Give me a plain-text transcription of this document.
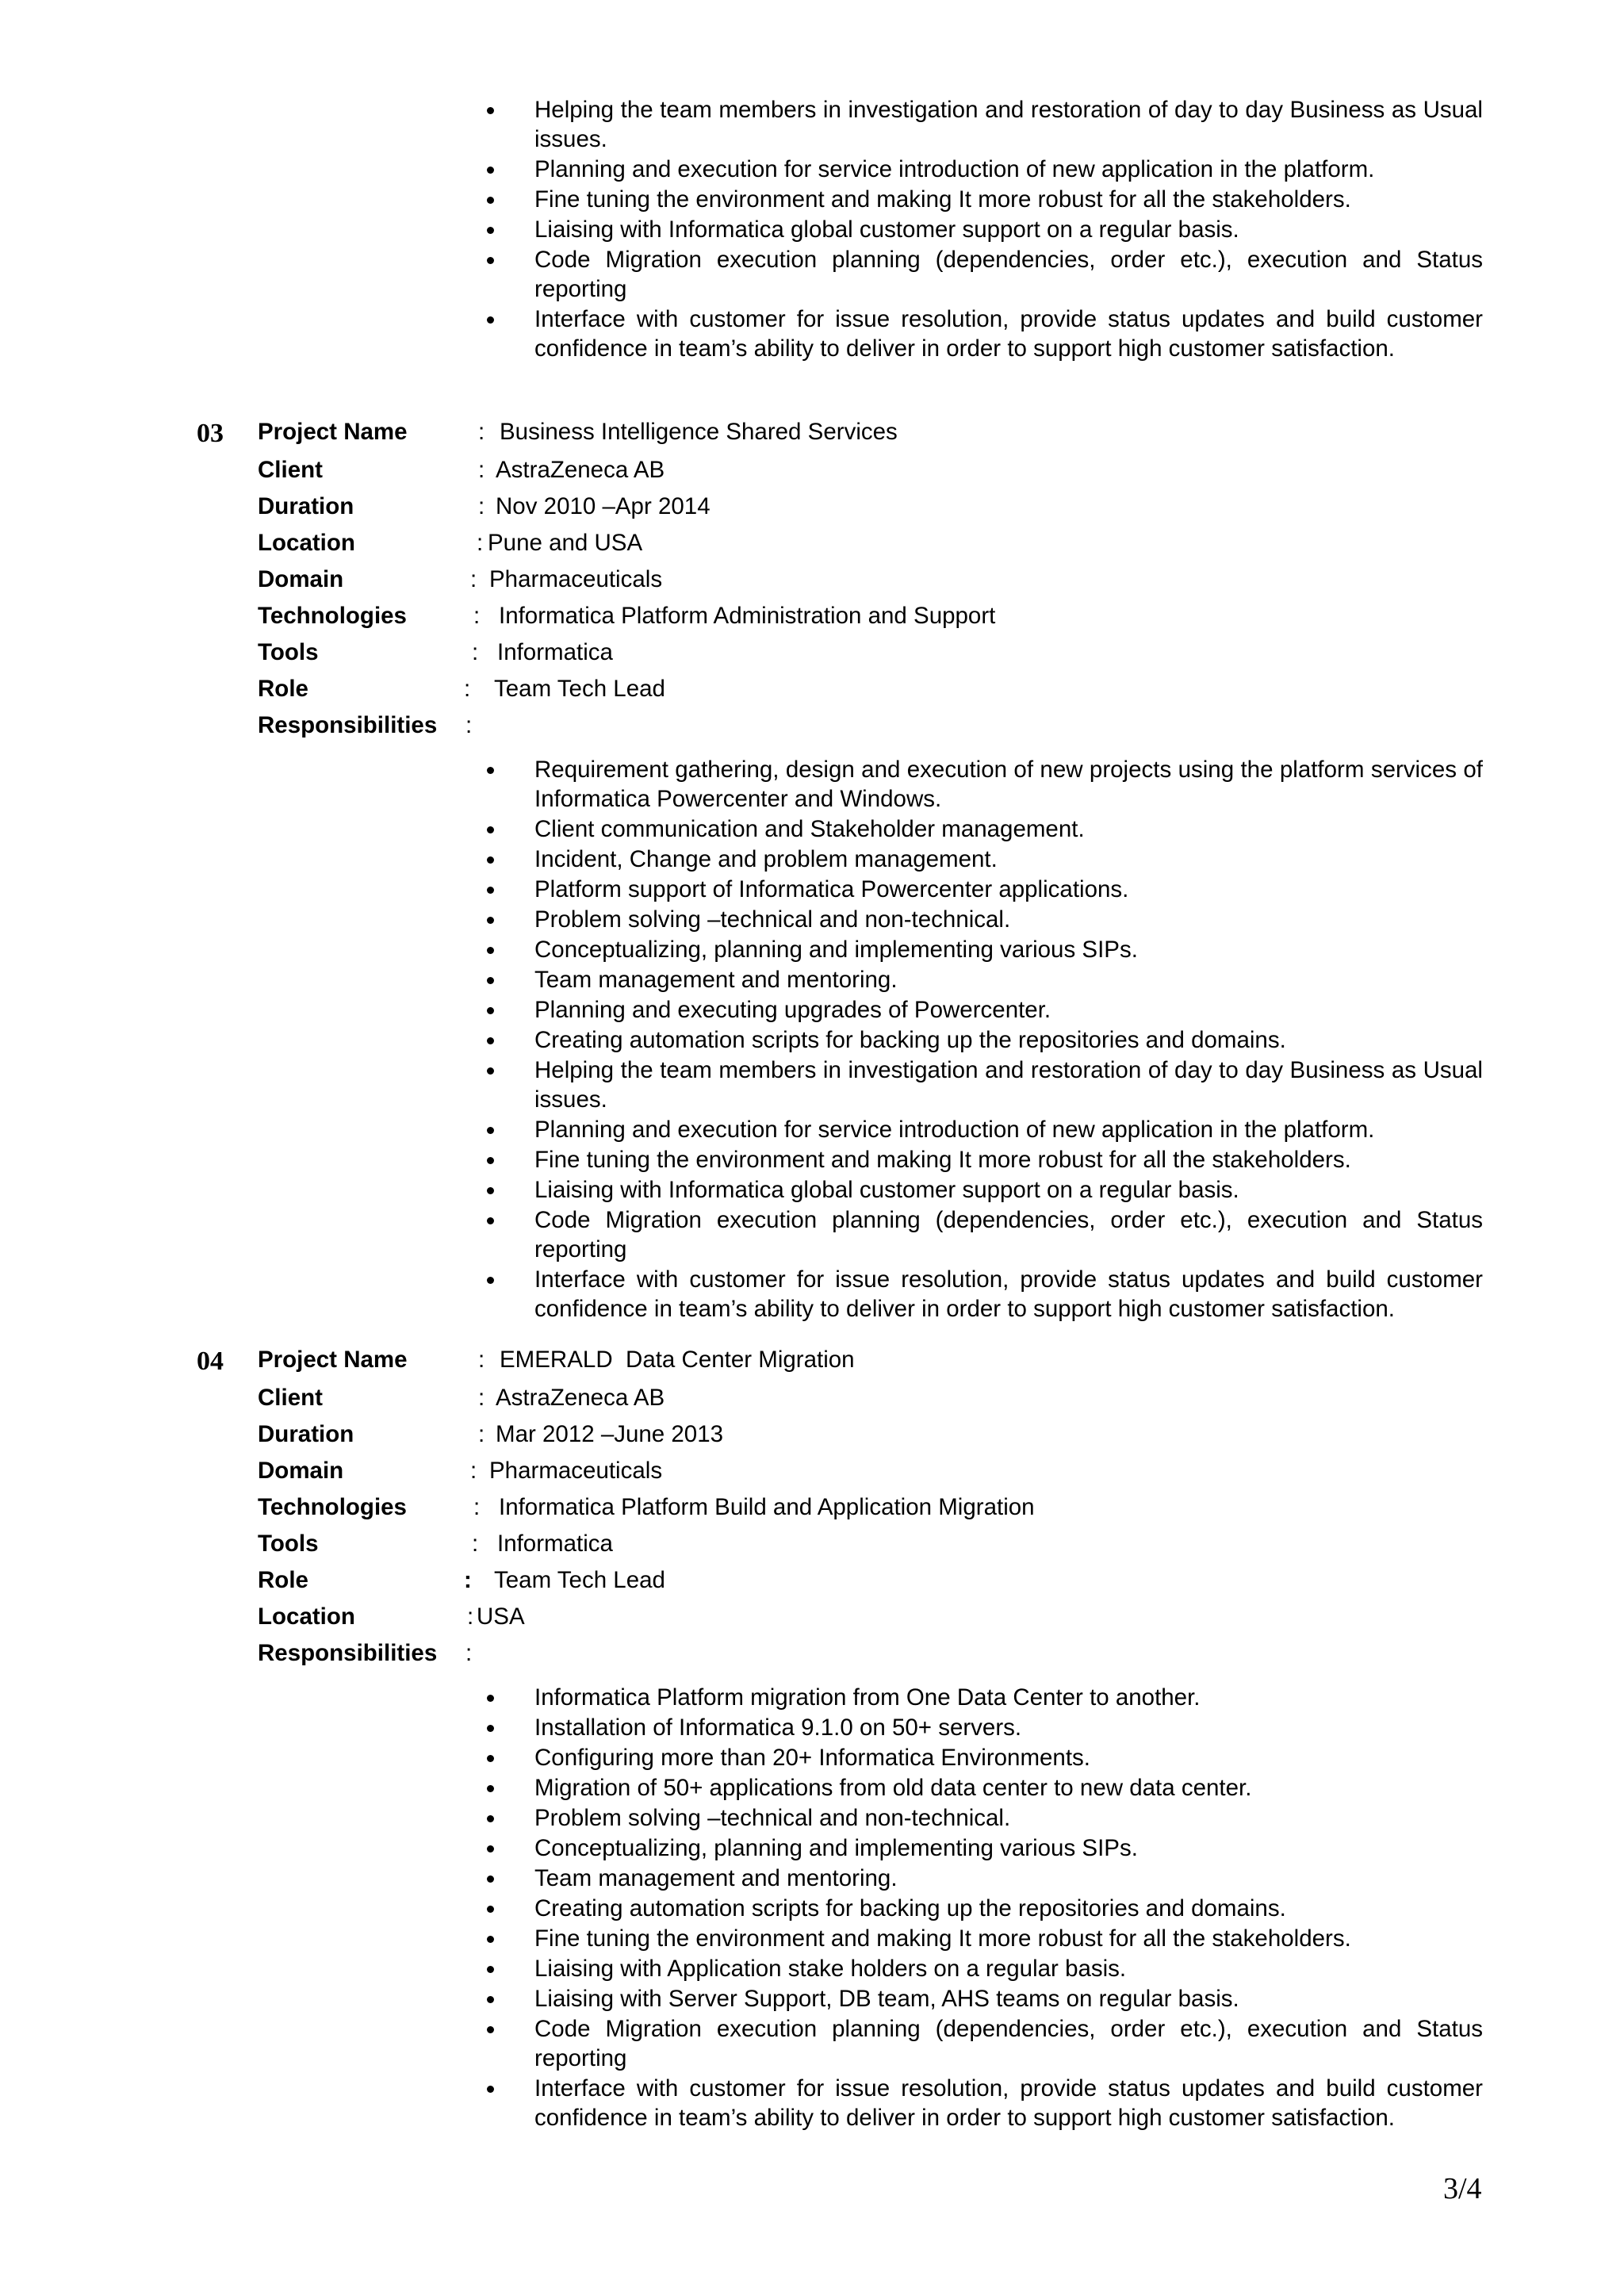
Helping the team members in investigation and restoration of day to day Business as Usual issues.
Planning and execution for service introduction of new application in the platform.
Fine tuning the environment and making It more robust for all the stakeholders.
Liaising with Informatica global customer support on a regular basis.
Code Migration execution planning (dependencies, order etc.), execution and Status reporting
Interface with customer for issue resolution, provide status updates and build customer confidence in team’s ability to deliver in order to support high customer satisfaction.
03 Project Name	: Business Intelligence Shared Services
Client	: AstraZeneca AB
Duration	: Nov 2010 –Apr 2014
Location	: Pune and USA
Domain	: Pharmaceuticals
Technologies	: Informatica Platform Administration and Support
Tools	: Informatica
Role	: Team Tech Lead
Responsibilities :
Requirement gathering, design and execution of new projects using the platform services of Informatica Powercenter and Windows.
Client communication and Stakeholder management.
Incident, Change and problem management.
Platform support of Informatica Powercenter applications.
Problem solving –technical and non-technical.
Conceptualizing, planning and implementing various SIPs.
Team management and mentoring.
Planning and executing upgrades of Powercenter.
Creating automation scripts for backing up the repositories and domains.
Helping the team members in investigation and restoration of day to day Business as Usual issues.
Planning and execution for service introduction of new application in the platform.
Fine tuning the environment and making It more robust for all the stakeholders.
Liaising with Informatica global customer support on a regular basis.
Code Migration execution planning (dependencies, order etc.), execution and Status reporting
Interface with customer for issue resolution, provide status updates and build customer confidence in team’s ability to deliver in order to support high customer satisfaction.
04 Project Name	: EMERALD  Data Center Migration
Client	: AstraZeneca AB
Duration	: Mar 2012 –June 2013
Domain	: Pharmaceuticals
Technologies	: Informatica Platform Build and Application Migration
Tools	: Informatica
Role	: Team Tech Lead
Location	: USA
Responsibilities :
Informatica Platform migration from One Data Center to another.
Installation of Informatica 9.1.0 on 50+ servers.
Configuring more than 20+ Informatica Environments.
Migration of 50+ applications from old data center to new data center.
Problem solving –technical and non-technical.
Conceptualizing, planning and implementing various SIPs.
Team management and mentoring.
Creating automation scripts for backing up the repositories and domains.
Fine tuning the environment and making It more robust for all the stakeholders.
Liaising with Application stake holders on a regular basis.
Liaising with Server Support, DB team, AHS teams on regular basis.
Code Migration execution planning (dependencies, order etc.), execution and Status reporting
Interface with customer for issue resolution, provide status updates and build customer confidence in team’s ability to deliver in order to support high customer satisfaction.
3/4
